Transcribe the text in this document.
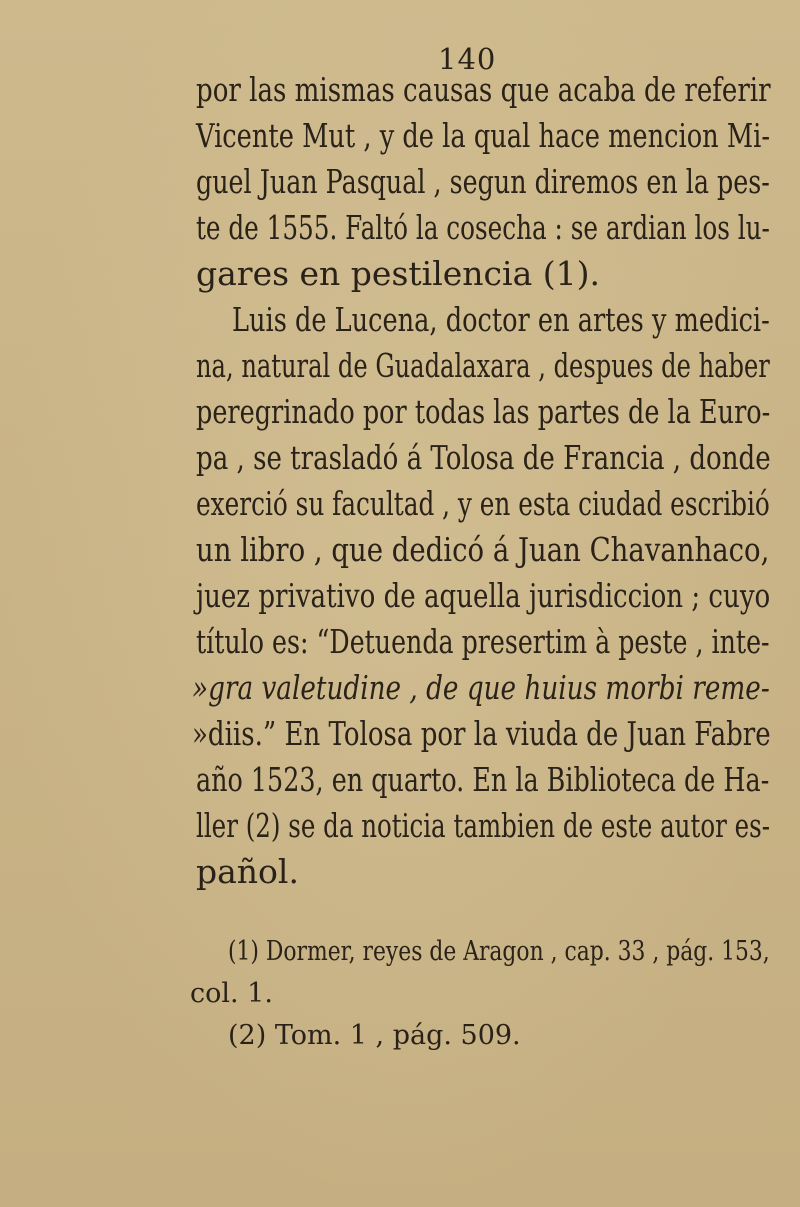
140
por las mismas causas que acaba de referir
Vicente Mut , y de la qual hace mencion Mi-
guel Juan Pasqual , segun diremos en la pes-
te de 1555. Faltó la cosecha : se ardian los lu-
gares en pestilencia (1).
Luis de Lucena, doctor en artes y medici-
na, natural de Guadalaxara , despues de haber
peregrinado por todas las partes de la Euro-
pa , se trasladó á Tolosa de Francia , donde
exerció su facultad , y en esta ciudad escribió
un libro , que dedicó á Juan Chavanhaco,
juez privativo de aquella jurisdiccion ; cuyo
título es: “Detuenda presertim à peste , inte-
»gra valetudine , de que huius morbi reme-
»diis.” En Tolosa por la viuda de Juan Fabre
año 1523, en quarto. En la Biblioteca de Ha-
ller (2) se da noticia tambien de este autor es-
pañol.
(1) Dormer, reyes de Aragon , cap. 33 , pág. 153,
col. 1.
(2) Tom. 1 , pág. 509.
